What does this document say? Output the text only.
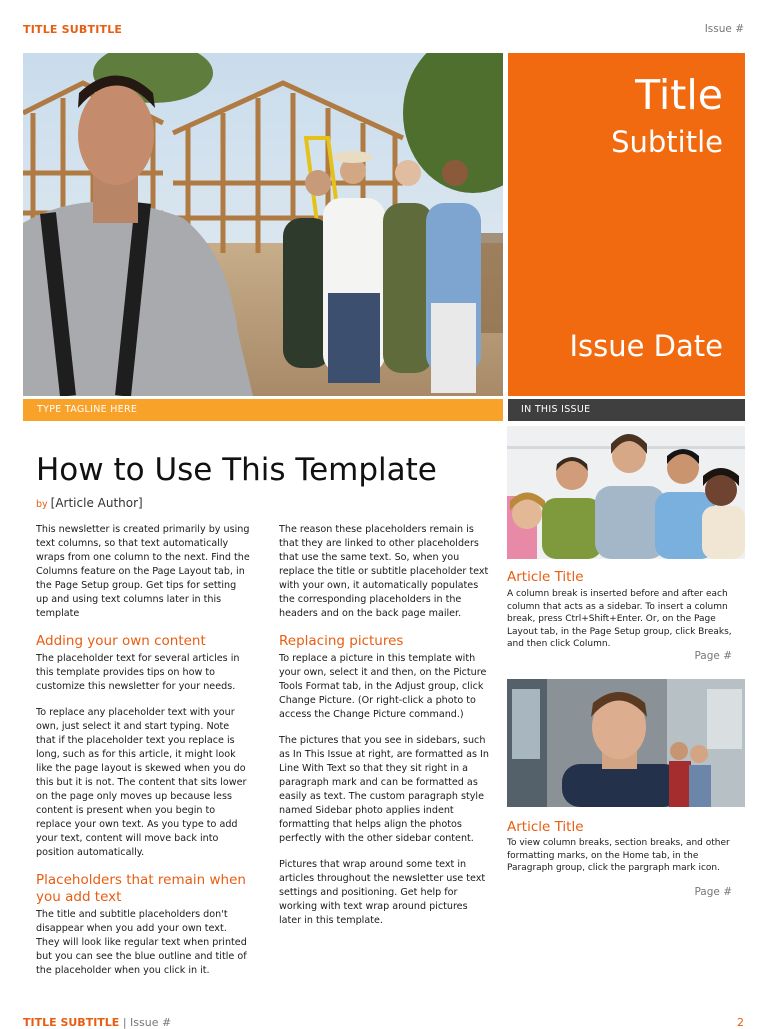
TITLE SUBTITLE	Issue #
Title
Subtitle
Issue Date
TYPE TAGLINE HERE	IN THIS ISSUE
How to Use This Template
by [Article Author]

This newsletter is created primarily by using text columns, so that text automatically wraps from one column to the next. Find the Columns feature on the Page Layout tab, in the Page Setup group. Get tips for setting up and using text columns later in this template

Adding your own content

The placeholder text for several articles in this template provides tips on how to customize this newsletter for your needs.

To replace any placeholder text with your own, just select it and start typing. Note that if the placeholder text you replace is long, such as for this article, it might look like the page layout is skewed when you do this but it is not. The content that sits lower on the page only moves up because less content is present when you begin to replace your own text. As you type to add your text, content will move back into position automatically.

Placeholders that remain when you add text

The title and subtitle placeholders don't disappear when you add your own text. They will look like regular text when printed but you can see the blue outline and title of the placeholder when you click in it.

The reason these placeholders remain is that they are linked to other placeholders that use the same text. So, when you replace the title or subtitle placeholder text with your own, it automatically populates the corresponding placeholders in the headers and on the back page mailer.

Replacing pictures

To replace a picture in this template with your own, select it and then, on the Picture Tools Format tab, in the Adjust group, click Change Picture. (Or right-click a photo to access the Change Picture command.)

The pictures that you see in sidebars, such as In This Issue at right, are formatted as In Line With Text so that they sit right in a paragraph mark and can be formatted as easily as text. The custom paragraph style named Sidebar photo applies indent formatting that helps align the photos perfectly with the other sidebar content.

Pictures that wrap around some text in articles throughout the newsletter use text settings and positioning. Get help for working with text wrap around pictures later in this template.

Article Title
A column break is inserted before and after each column that acts as a sidebar. To insert a column break, press Ctrl+Shift+Enter. Or, on the Page Layout tab, in the Page Setup group, click Breaks, and then click Column.
Page #
Article Title
To view column breaks, section breaks, and other formatting marks, on the Home tab, in the Paragraph group, click the pargraph mark icon.
Page #
TITLE SUBTITLE | Issue #	2
